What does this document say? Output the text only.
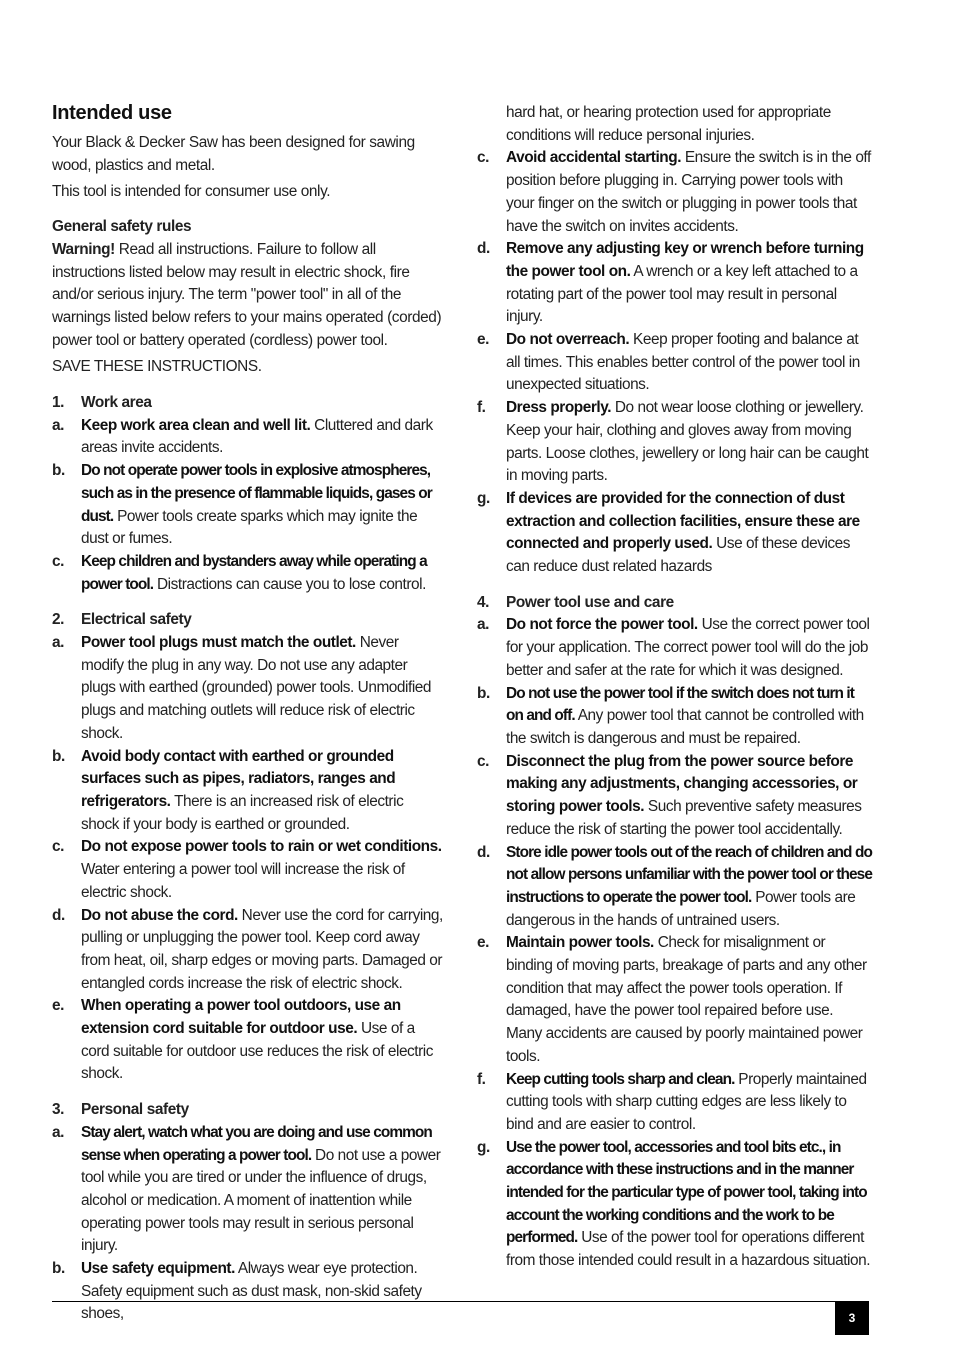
Intended use

Your Black & Decker Saw has been designed for sawing wood, plastics and metal.

This tool is intended for consumer use only.

General safety rules

Warning! Read all instructions. Failure to follow all instructions listed below may result in electric shock, fire and/or serious injury. The term "power tool" in all of the warnings listed below refers to your mains operated (corded) power tool or battery operated (cordless) power tool.

SAVE THESE INSTRUCTIONS.

1.	Work area
a.	Keep work area clean and well lit. Cluttered and dark areas invite accidents.
b.	Do not operate power tools in explosive atmospheres, such as in the presence of flammable liquids, gases or dust. Power tools create sparks which may ignite the dust or fumes.
c.	Keep children and bystanders away while operating a power tool. Distractions can cause you to lose control.
2.	Electrical safety
a.	Power tool plugs must match the outlet. Never modify the plug in any way. Do not use any adapter plugs with earthed (grounded) power tools. Unmodified plugs and matching outlets will reduce risk of electric shock.
b.	Avoid body contact with earthed or grounded surfaces such as pipes, radiators, ranges and refrigerators. There is an increased risk of electric shock if your body is earthed or grounded.
c.	Do not expose power tools to rain or wet conditions. Water entering a power tool will increase the risk of electric shock.
d.	Do not abuse the cord. Never use the cord for carrying, pulling or unplugging the power tool. Keep cord away from heat, oil, sharp edges or moving parts. Damaged or entangled cords increase the risk of electric shock.
e.	When operating a power tool outdoors, use an extension cord suitable for outdoor use. Use of a cord suitable for outdoor use reduces the risk of electric shock.
3.	Personal safety
a.	Stay alert, watch what you are doing and use common sense when operating a power tool. Do not use a power tool while you are tired or under the influence of drugs, alcohol or medication. A moment of inattention while operating power tools may result in serious personal injury.
b.	Use safety equipment. Always wear eye protection. Safety equipment such as dust mask, non-skid safety shoes,
hard hat, or hearing protection used for appropriate conditions will reduce personal injuries.
c.	Avoid accidental starting. Ensure the switch is in the off position before plugging in. Carrying power tools with your finger on the switch or plugging in power tools that have the switch on invites accidents.
d.	Remove any adjusting key or wrench before turning the power tool on. A wrench or a key left attached to a rotating part of the power tool may result in personal injury.
e.	Do not overreach. Keep proper footing and balance at all times. This enables better control of the power tool in unexpected situations.
f.	Dress properly. Do not wear loose clothing or jewellery. Keep your hair, clothing and gloves away from moving parts. Loose clothes, jewellery or long hair can be caught in moving parts.
g.	If devices are provided for the connection of dust extraction and collection facilities, ensure these are connected and properly used. Use of these devices can reduce dust related hazards
4.	Power tool use and care
a.	Do not force the power tool. Use the correct power tool for your application. The correct power tool will do the job better and safer at the rate for which it was designed.
b.	Do not use the power tool if the switch does not turn it on and off. Any power tool that cannot be controlled with the switch is dangerous and must be repaired.
c.	Disconnect the plug from the power source before making any adjustments, changing accessories, or storing power tools. Such preventive safety measures reduce the risk of starting the power tool accidentally.
d.	Store idle power tools out of the reach of children and do not allow persons unfamiliar with the power tool or these instructions to operate the power tool. Power tools are dangerous in the hands of untrained users.
e.	Maintain power tools. Check for misalignment or binding of moving parts, breakage of parts and any other condition that may affect the power tools operation. If damaged, have the power tool repaired before use. Many accidents are caused by poorly maintained power tools.
f.	Keep cutting tools sharp and clean. Properly maintained cutting tools with sharp cutting edges are less likely to bind and are easier to control.
g.	Use the power tool, accessories and tool bits etc., in accordance with these instructions and in the manner intended for the particular type of power tool, taking into account the working conditions and the work to be performed. Use of the power tool for operations different from those intended could result in a hazardous situation.
3
